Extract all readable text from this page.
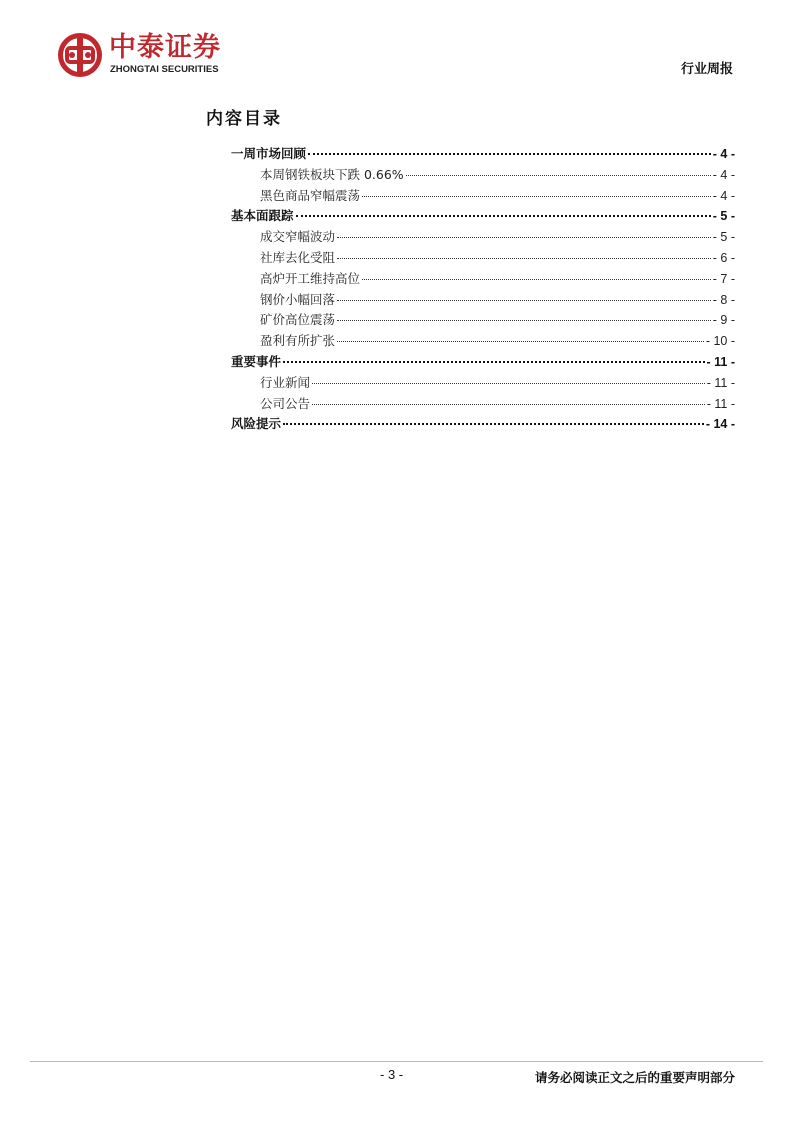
中泰证券
ZHONGTAI SECURITIES	行业周报
内容目录
一周市场回顾	- 4 -
本周钢铁板块下跌 0.66%	- 4 -
黑色商品窄幅震荡	- 4 -
基本面跟踪	- 5 -
成交窄幅波动	- 5 -
社库去化受阻	- 6 -
高炉开工维持高位	- 7 -
钢价小幅回落	- 8 -
矿价高位震荡	- 9 -
盈利有所扩张	- 10 -
重要事件	- 11 -
行业新闻	- 11 -
公司公告	- 11 -
风险提示	- 14 -
- 3 -	请务必阅读正文之后的重要声明部分
